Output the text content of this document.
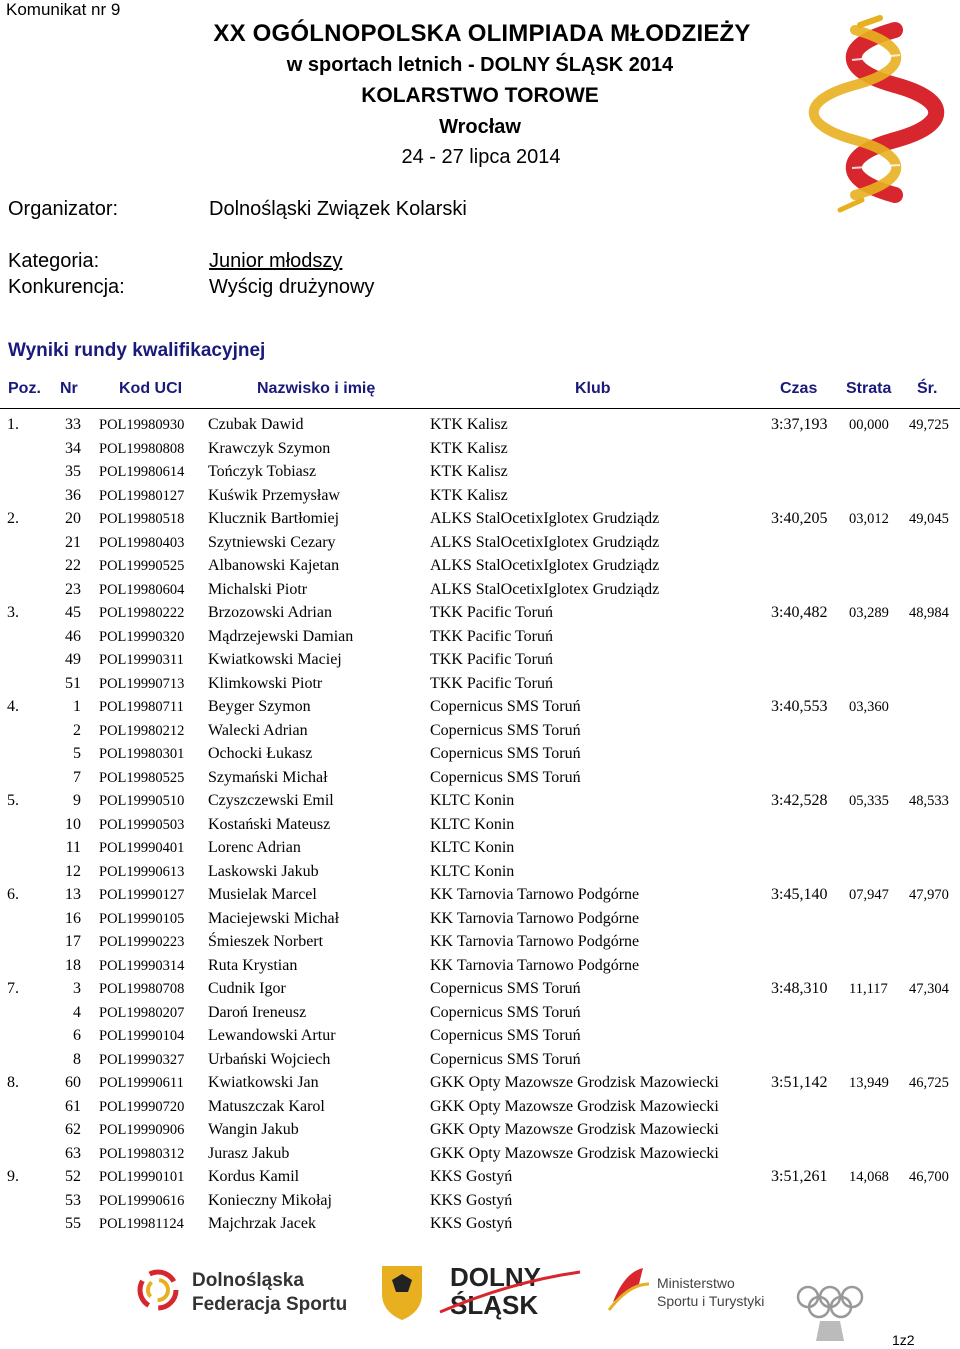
Komunikat nr 9
XX OGÓLNOPOLSKA OLIMPIADA MŁODZIEŻY
w sportach letnich - DOLNY ŚLĄSK 2014
KOLARSTWO TOROWE
Wrocław
24 - 27 lipca 2014
Organizator:	Dolnośląski Związek Kolarski
Kategoria:	Junior młodszy
Konkurencja:	Wyścig drużynowy
Wyniki rundy kwalifikacyjnej
Poz. Nr	Kod UCI	Nazwisko i imię	Klub	Czas Strata Śr.
1.	33 POL19980930 Czubak Dawid	KTK Kalisz	3:37,193 00,000 49,725
34 POL19980808 Krawczyk Szymon	KTK Kalisz
35 POL19980614 Tończyk Tobiasz	KTK Kalisz
36 POL19980127 Kuświk Przemysław	KTK Kalisz
2.	20 POL19980518 Klucznik Bartłomiej	ALKS StalOcetixIglotex Grudziądz	3:40,205 03,012 49,045
21 POL19980403 Szytniewski Cezary	ALKS StalOcetixIglotex Grudziądz
22 POL19990525 Albanowski Kajetan	ALKS StalOcetixIglotex Grudziądz
23 POL19980604 Michalski Piotr	ALKS StalOcetixIglotex Grudziądz
3.	45 POL19980222 Brzozowski Adrian	TKK Pacific Toruń	3:40,482 03,289 48,984
46 POL19990320 Mądrzejewski Damian	TKK Pacific Toruń
49 POL19990311 Kwiatkowski Maciej	TKK Pacific Toruń
51 POL19990713 Klimkowski Piotr	TKK Pacific Toruń
4.	1 POL19980711 Beyger Szymon	Copernicus SMS Toruń	3:40,553 03,360
2 POL19980212 Walecki Adrian	Copernicus SMS Toruń
5 POL19980301 Ochocki Łukasz	Copernicus SMS Toruń
7 POL19980525 Szymański Michał	Copernicus SMS Toruń
5.	9 POL19990510 Czyszczewski Emil	KLTC Konin	3:42,528 05,335 48,533
10 POL19990503 Kostański Mateusz	KLTC Konin
11 POL19990401 Lorenc Adrian	KLTC Konin
12 POL19990613 Laskowski Jakub	KLTC Konin
6.	13 POL19990127 Musielak Marcel	KK Tarnovia Tarnowo Podgórne	3:45,140 07,947 47,970
16 POL19990105 Maciejewski Michał	KK Tarnovia Tarnowo Podgórne
17 POL19990223 Śmieszek Norbert	KK Tarnovia Tarnowo Podgórne
18 POL19990314 Ruta Krystian	KK Tarnovia Tarnowo Podgórne
7.	3 POL19980708 Cudnik Igor	Copernicus SMS Toruń	3:48,310 11,117 47,304
4 POL19980207 Daroń Ireneusz	Copernicus SMS Toruń
6 POL19990104 Lewandowski Artur	Copernicus SMS Toruń
8 POL19990327 Urbański Wojciech	Copernicus SMS Toruń
8.	60 POL19990611 Kwiatkowski Jan	GKK Opty Mazowsze Grodzisk Mazowiecki	3:51,142 13,949 46,725
61 POL19990720 Matuszczak Karol	GKK Opty Mazowsze Grodzisk Mazowiecki
62 POL19990906 Wangin Jakub	GKK Opty Mazowsze Grodzisk Mazowiecki
63 POL19980312 Jurasz Jakub	GKK Opty Mazowsze Grodzisk Mazowiecki
9.	52 POL19990101 Kordus Kamil	KKS Gostyń	3:51,261 14,068 46,700
53 POL19990616 Konieczny Mikołaj	KKS Gostyń
55 POL19981124 Majchrzak Jacek	KKS Gostyń
Dolnośląska
Federacja Sportu
DOLNY
ŚLĄSK
Ministerstwo
Sportu i Turystyki
1z2
